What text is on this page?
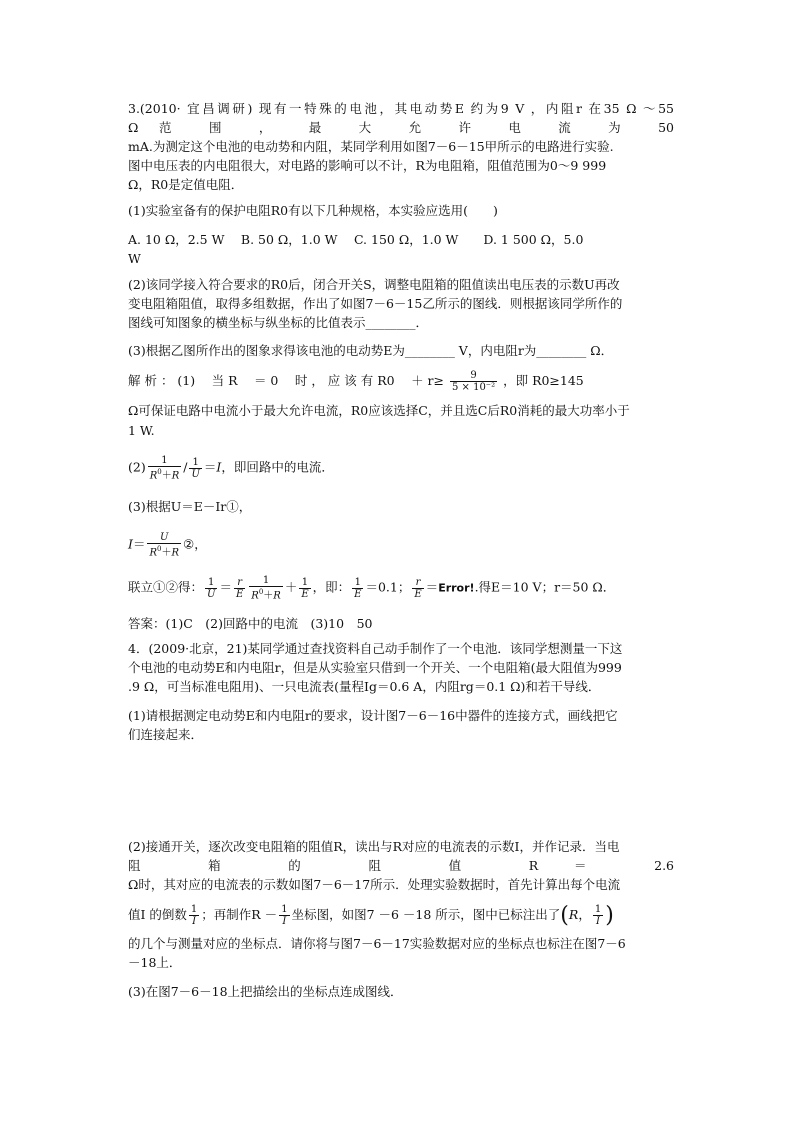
3.(2010· 宜昌调研) 现有一特殊的电池，其电动势E 约为9 V ，内阻r 在35 Ω ～55

Ω 范 围 ， 最 大 允 许 电 流 为 50

mA.为测定这个电池的电动势和内阻，某同学利用如图7－6－15甲所示的电路进行实验.

图中电压表的内电阻很大，对电路的影响可以不计，R为电阻箱，阻值范围为0～9 999

Ω，R0是定值电阻．

(1)实验室备有的保护电阻R0有以下几种规格，本实验应选用(　　)

A. 10 Ω，2.5 W　 B. 50 Ω，1.0 W　 C. 150 Ω，1.0 W　　D. 1 500 Ω，5.0

W

(2)该同学接入符合要求的R0后，闭合开关S，调整电阻箱的阻值读出电压表的示数U再改

变电阻箱阻值，取得多组数据，作出了如图7－6－15乙所示的图线．则根据该同学所作的

图线可知图象的横坐标与纵坐标的比值表示________．

(3)根据乙图所作出的图象求得该电池的电动势E为________ V，内电阻r为________ Ω．

解 析 ： (1)　 当 R　 ＝ 0　 时 ， 应 该 有 R0　 ＋ $r\ge \frac{9}{\text{5 × 10⁻²}}$ ，即 R0≥145

Ω可保证电路中电流小于最大允许电流，R0应该选择C，并且选C后R0消耗的最大功率小于

1 W.

$(2) \frac{1}{R^0+R} / \frac{1}{U} =I$，即回路中的电流．

(3)根据U＝E－Ir①，

$I= \frac{U}{R^0+R}$ ②，
联立①②得： $\frac{1}{U} = \frac{r}{E} \frac{1}{R^0+R} + \frac{1}{E}$ ，即： $\frac{1}{E} =0.1$； $\frac{r}{E}$ ＝Error!.得E＝10 V；r＝50 Ω．

答案：(1)C　(2)回路中的电流　(3)10　50

4．(2009·北京，21)某同学通过查找资料自己动手制作了一个电池．该同学想测量一下这

个电池的电动势E和内电阻r，但是从实验室只借到一个开关、一个电阻箱(最大阻值为999

.9 Ω，可当标准电阻用)、一只电流表(量程Ig＝0.6 A，内阻rg＝0.1 Ω)和若干导线．

(1)请根据测定电动势E和内电阻r的要求，设计图7－6－16中器件的连接方式，画线把它

们连接起来．

(2)接通开关，逐次改变电阻箱的阻值R，读出与R对应的电流表的示数I，并作记录．当电

阻 箱 的 阻 值 R ＝ 2.6

Ω时，其对应的电流表的示数如图7－6－17所示．处理实验数据时，首先计算出每个电流

值I 的倒数 $\frac{1}{I}$ ；再制作$R - \frac{1}{I}$ 坐标图，如图7 －6 －18 所示，图中已标注出了(R， $\frac{1}{I}$ )

的几个与测量对应的坐标点．请你将与图7－6－17实验数据对应的坐标点也标注在图7－6

－18上．

(3)在图7－6－18上把描绘出的坐标点连成图线．
